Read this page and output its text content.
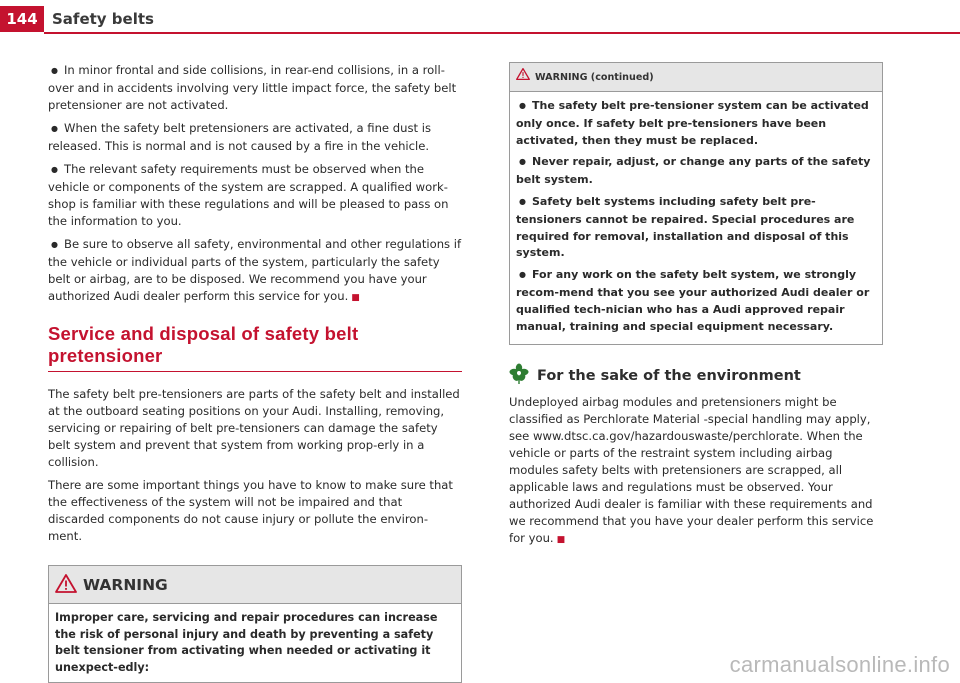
144 Safety belts

● In minor frontal and side collisions, in rear-end collisions, in a roll-over and in accidents involving very little impact force, the safety belt pretensioner are not activated.

● When the safety belt pretensioners are activated, a fine dust is released. This is normal and is not caused by a fire in the vehicle.

● The relevant safety requirements must be observed when the vehicle or components of the system are scrapped. A qualified work-shop is familiar with these regulations and will be pleased to pass on the information to you.

● Be sure to observe all safety, environmental and other regulations if the vehicle or individual parts of the system, particularly the safety belt or airbag, are to be disposed. We recommend you have your authorized Audi dealer perform this service for you. ■

Service and disposal of safety belt pretensioner

The safety belt pre-tensioners are parts of the safety belt and installed at the outboard seating positions on your Audi. Installing, removing, servicing or repairing of belt pre-tensioners can damage the safety belt system and prevent that system from working prop-erly in a collision.

There are some important things you have to know to make sure that the effectiveness of the system will not be impaired and that discarded components do not cause injury or pollute the environ-ment.

WARNING
Improper care, servicing and repair procedures can increase the risk of personal injury and death by preventing a safety belt tensioner from activating when needed or activating it unexpect-edly:
WARNING (continued)

● The safety belt pre-tensioner system can be activated only once. If safety belt pre-tensioners have been activated, then they must be replaced.

● Never repair, adjust, or change any parts of the safety belt system.

● Safety belt systems including safety belt pre-tensioners cannot be repaired. Special procedures are required for removal, installation and disposal of this system.

● For any work on the safety belt system, we strongly recom-mend that you see your authorized Audi dealer or qualified tech-nician who has a Audi approved repair manual, training and special equipment necessary.

For the sake of the environment

Undeployed airbag modules and pretensioners might be classified as Perchlorate Material -special handling may apply, see www.dtsc.ca.gov/hazardouswaste/perchlorate. When the vehicle or parts of the restraint system including airbag modules safety belts with pretensioners are scrapped, all applicable laws and regulations must be observed. Your authorized Audi dealer is familiar with these requirements and we recommend that you have your dealer perform this service for you. ■

carmanualsonline.info
